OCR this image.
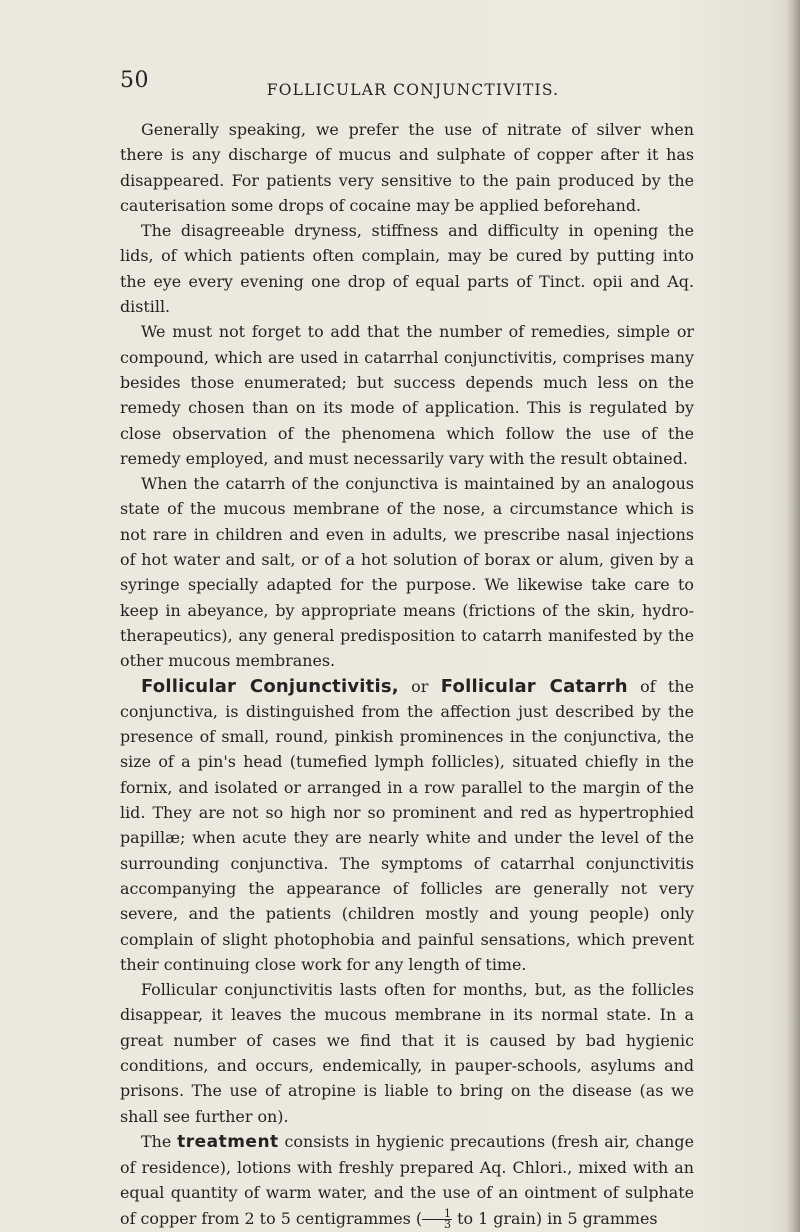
50	FOLLICULAR CONJUNCTIVITIS.

Generally speaking, we prefer the use of nitrate of silver when there is any discharge of mucus and sulphate of copper after it has disappeared. For patients very sensitive to the pain produced by the cauterisation some drops of cocaine may be applied beforehand.

The disagreeable dryness, stiffness and difficulty in opening the lids, of which patients often complain, may be cured by putting into the eye every evening one drop of equal parts of Tinct. opii and Aq. distill.

We must not forget to add that the number of remedies, simple or compound, which are used in catarrhal conjunctivitis, comprises many besides those enumerated; but success depends much less on the remedy chosen than on its mode of application. This is regulated by close observation of the phenomena which follow the use of the remedy employed, and must necessarily vary with the result obtained.

When the catarrh of the conjunctiva is maintained by an analogous state of the mucous membrane of the nose, a circumstance which is not rare in children and even in adults, we prescribe nasal injections of hot water and salt, or of a hot solution of borax or alum, given by a syringe specially adapted for the purpose. We likewise take care to keep in abeyance, by appropriate means (frictions of the skin, hydro-therapeutics), any general predisposition to catarrh manifested by the other mucous membranes.

Follicular Conjunctivitis, or Follicular Catarrh of the conjunctiva, is distinguished from the affection just described by the presence of small, round, pinkish prominences in the conjunctiva, the size of a pin's head (tumefied lymph follicles), situated chiefly in the fornix, and isolated or arranged in a row parallel to the margin of the lid. They are not so high nor so prominent and red as hypertrophied papillæ; when acute they are nearly white and under the level of the surrounding conjunctiva. The symptoms of catarrhal conjunctivitis accompanying the appearance of follicles are generally not very severe, and the patients (children mostly and young people) only complain of slight photophobia and painful sensations, which prevent their continuing close work for any length of time.

Follicular conjunctivitis lasts often for months, but, as the follicles disappear, it leaves the mucous membrane in its normal state. In a great number of cases we find that it is caused by bad hygienic conditions, and occurs, endemically, in pauper-schools, asylums and prisons. The use of atropine is liable to bring on the disease (as we shall see further on).

The treatment consists in hygienic precautions (fresh air, change of residence), lotions with freshly prepared Aq. Chlori., mixed with an equal quantity of warm water, and the use of an ointment of sulphate of copper from 2 to 5 centigrammes ( $\frac{1}{3}$ to 1 grain) in 5 grammes
